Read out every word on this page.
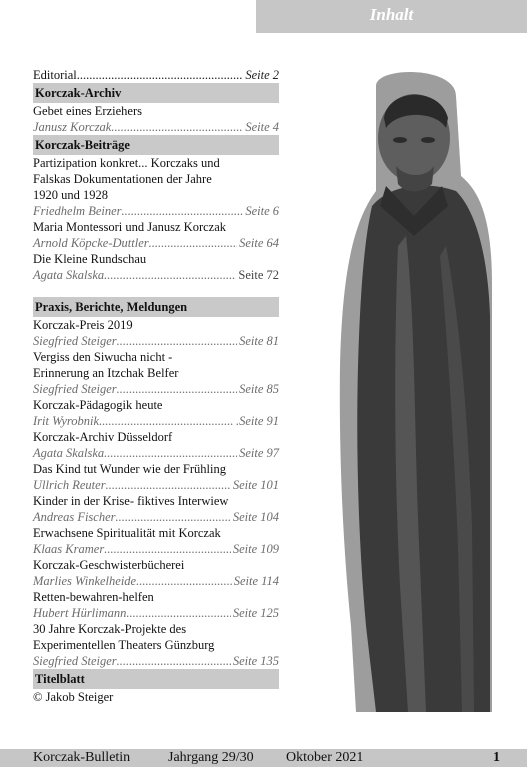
Inhalt
Editorial .....	Seite 2
Korczak-Archiv
Gebet eines Erziehers
Janusz Korczak .....	Seite 4
Korczak-Beiträge
Partizipation konkret... Korczaks und
Falskas Dokumentationen der Jahre
1920 und 1928
Friedhelm Beiner .....	Seite 6
Maria Montessori und Janusz Korczak
Arnold Köpcke-Duttler .....	Seite 64
Die Kleine Rundschau
Agata Skalska .....	Seite 72
Praxis, Berichte, Meldungen
Korczak-Preis 2019
Siegfried Steiger .....	Seite 81
Vergiss den Siwucha nicht -
Erinnerung an Itzchak Belfer
Siegfried Steiger .....	Seite 85
Korczak-Pädagogik heute
Irit Wyrobnik .....	.Seite 91
Korczak-Archiv Düsseldorf
Agata Skalska .....	Seite 97
Das Kind tut Wunder wie der Frühling
Ullrich Reuter .....	Seite 101
Kinder in der Krise- fiktives Interwiew
Andreas Fischer .....	Seite 104
Erwachsene Spiritualität mit Korczak
Klaas Kramer .....	Seite 109
Korczak-Geschwisterbücherei
Marlies Winkelheide .....	Seite 114
Retten-bewahren-helfen
Hubert Hürlimann .....	Seite 125
30 Jahre Korczak-Projekte des
Experimentellen Theaters Günzburg
Siegfried Steiger .....	Seite 135
Titelblatt
© Jakob Steiger
Korczak-Bulletin	Jahrgang 29/30 Oktober 2021	1
